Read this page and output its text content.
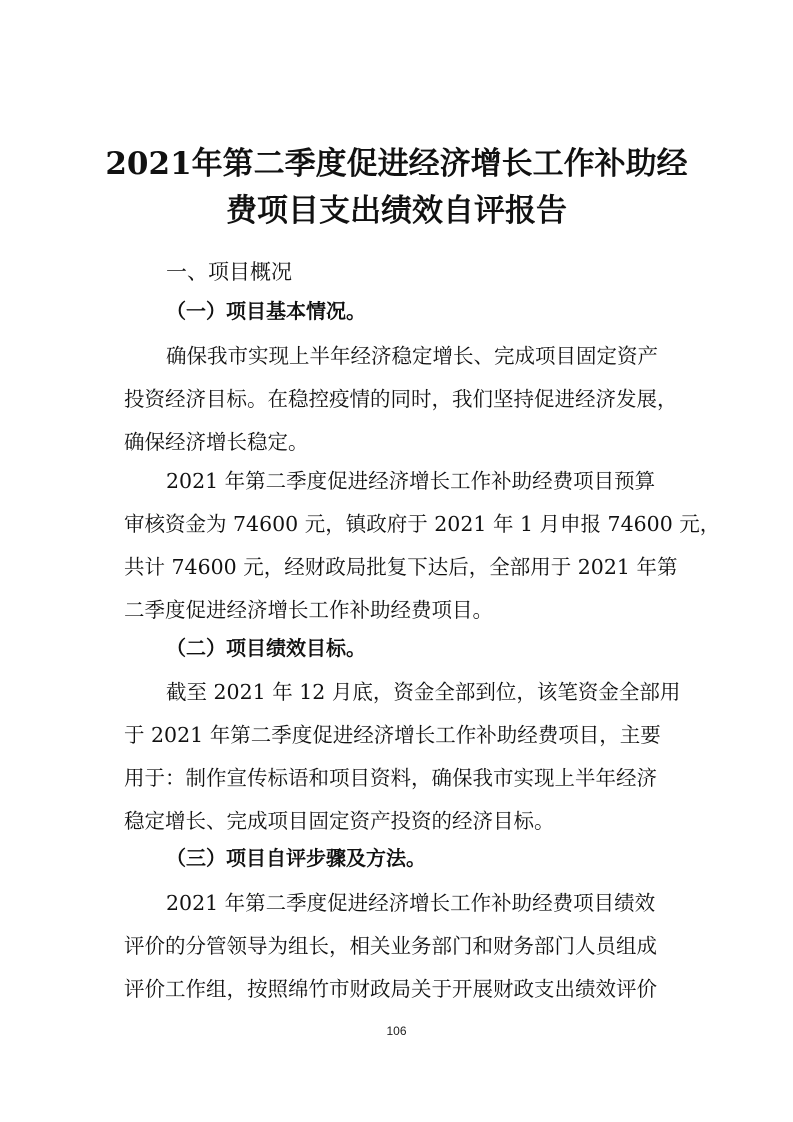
2021年第二季度促进经济增长工作补助经
费项目支出绩效自评报告
一、项目概况
（一）项目基本情况。
确保我市实现上半年经济稳定增长、完成项目固定资产
投资经济目标。在稳控疫情的同时，我们坚持促进经济发展，
确保经济增长稳定。
2021 年第二季度促进经济增长工作补助经费项目预算
审核资金为 74600 元，镇政府于 2021 年 1 月申报 74600 元，
共计 74600 元，经财政局批复下达后，全部用于 2021 年第
二季度促进经济增长工作补助经费项目。
（二）项目绩效目标。
截至 2021 年 12 月底，资金全部到位，该笔资金全部用
于 2021 年第二季度促进经济增长工作补助经费项目，主要
用于：制作宣传标语和项目资料，确保我市实现上半年经济
稳定增长、完成项目固定资产投资的经济目标。
（三）项目自评步骤及方法。
2021 年第二季度促进经济增长工作补助经费项目绩效
评价的分管领导为组长，相关业务部门和财务部门人员组成
评价工作组，按照绵竹市财政局关于开展财政支出绩效评价
106
